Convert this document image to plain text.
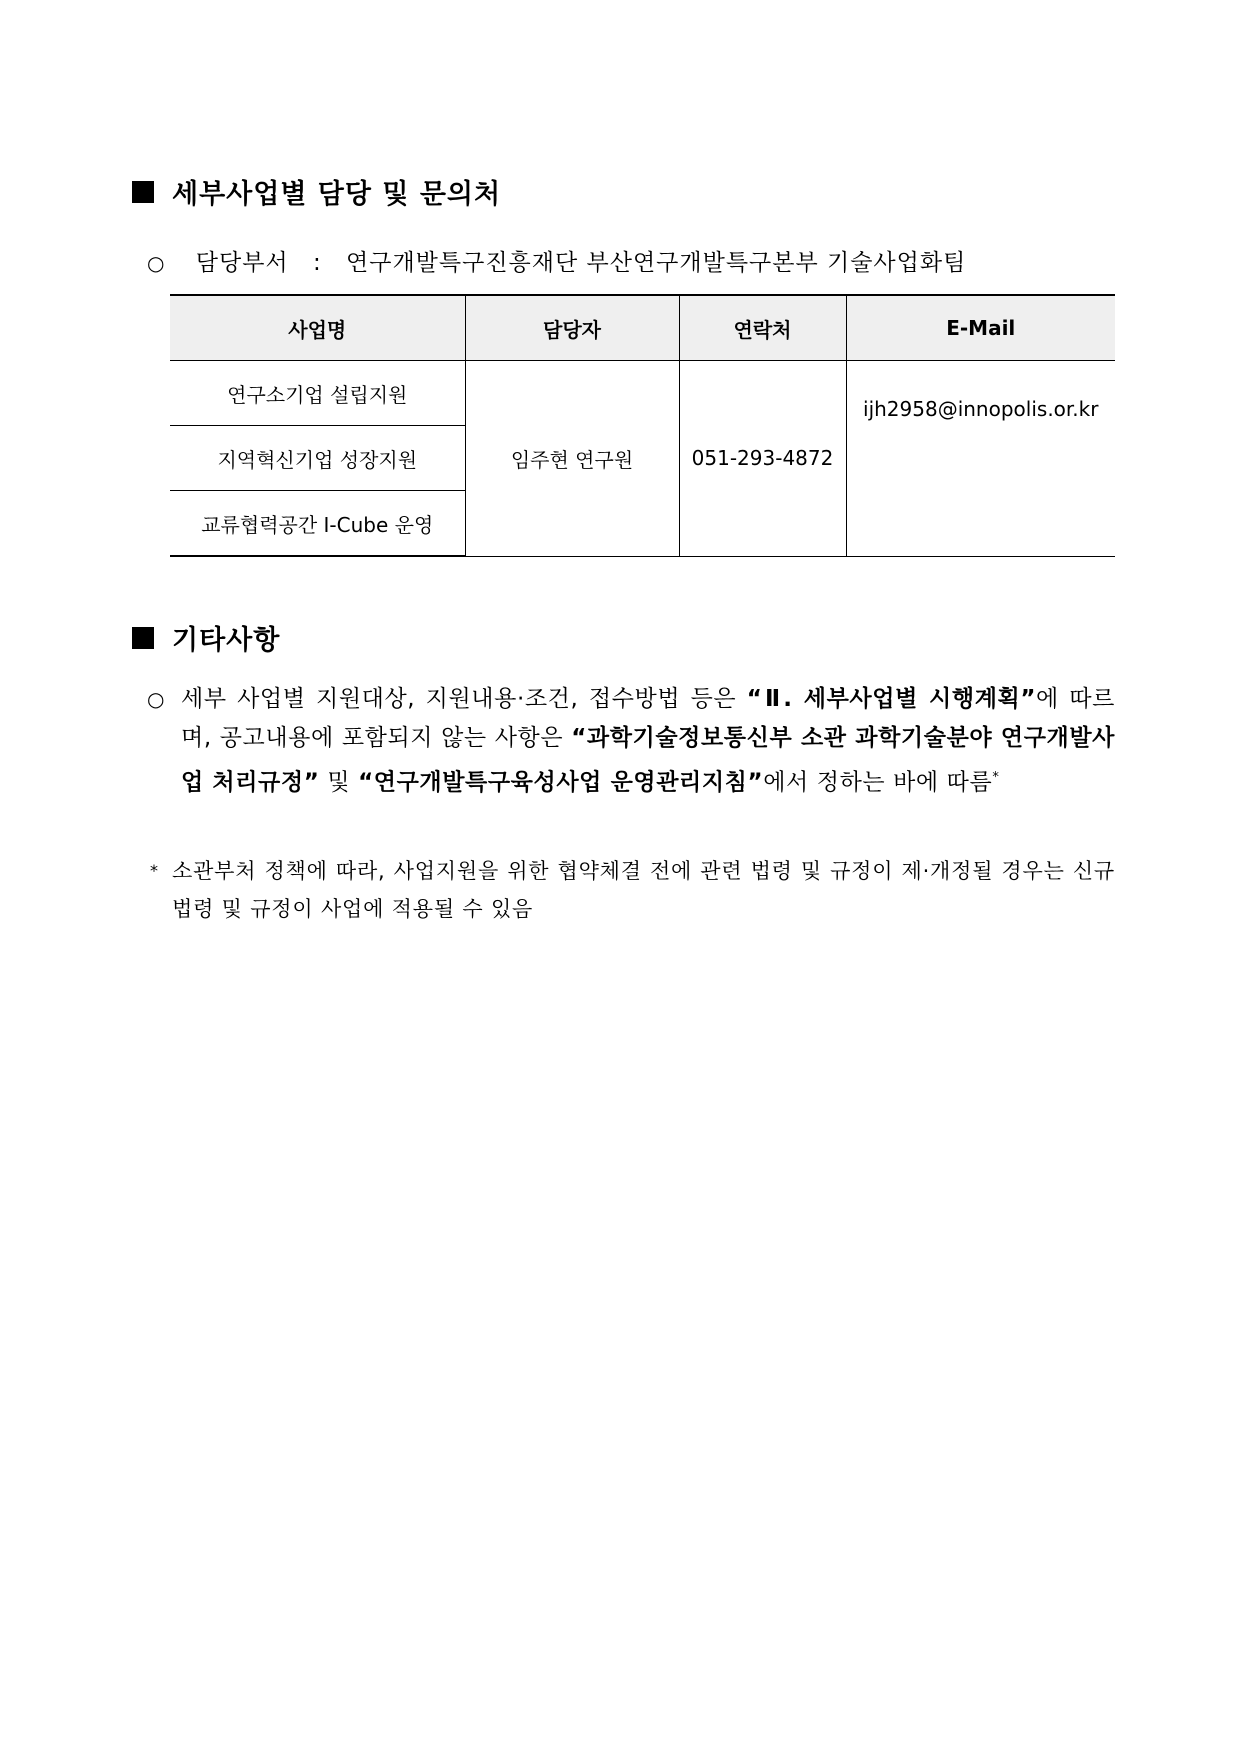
세부사업별 담당 및 문의처
○ 담당부서 : 연구개발특구진흥재단 부산연구개발특구본부 기술사업화팀
사업명	담당자	연락처	E-Mail
연구소기업 설립지원	임주현 연구원	051-293-4872	ijh2958@innopolis.or.kr
지역혁신기업 성장지원			
교류협력공간 I-Cube 운영			
기타사항
○ 세부 사업별 지원대상, 지원내용·조건, 접수방법 등은 “Ⅱ. 세부사업별 시행계획”에 따르며, 공고내용에 포함되지 않는 사항은 “과학기술정보통신부 소관 과학기술분야 연구개발사업 처리규정” 및 “연구개발특구육성사업 운영관리지침”에서 정하는 바에 따름*
* 소관부처 정책에 따라, 사업지원을 위한 협약체결 전에 관련 법령 및 규정이 제·개정될 경우는 신규 법령 및 규정이 사업에 적용될 수 있음
